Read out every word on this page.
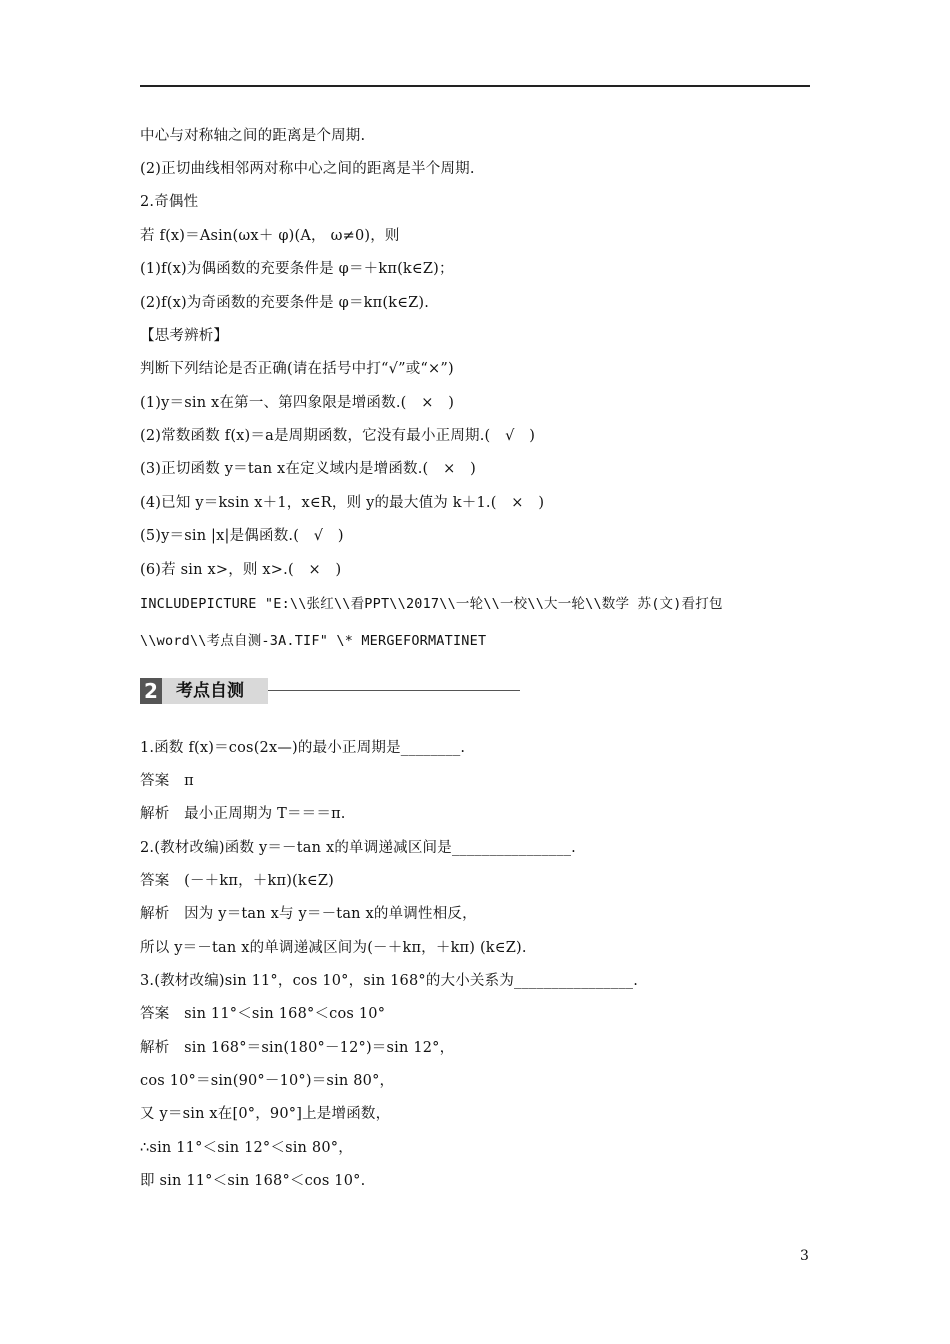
中心与对称轴之间的距离是个周期.
(2)正切曲线相邻两对称中心之间的距离是半个周期.
2.奇偶性
若 f(x)＝Asin(ωx＋ φ)(A， ω≠0)，则
(1)f(x)为偶函数的充要条件是 φ＝＋kπ(k∈Z)；
(2)f(x)为奇函数的充要条件是 φ＝kπ(k∈Z).
【思考辨析】
判断下列结论是否正确(请在括号中打“√”或“×”)
(1)y＝sin x在第一、第四象限是增函数.(　×　)
(2)常数函数 f(x)＝a是周期函数，它没有最小正周期.(　√　)
(3)正切函数 y＝tan x在定义域内是增函数.(　×　)
(4)已知 y＝ksin x＋1，x∈R，则 y的最大值为 k＋1.(　×　)
(5)y＝sin |x|是偶函数.(　√　)
(6)若 sin x>，则 x>.(　×　)
INCLUDEPICTURE "E:\\张红\\看PPT\\2017\\一轮\\一校\\大一轮\\数学 苏(文)看打包
\\word\\考点自测-3A.TIF" \* MERGEFORMATINET
2	考点自测
1.函数 f(x)＝cos(2x—)的最小正周期是________.
答案　π
解析　最小正周期为 T＝＝＝π.
2.(教材改编)函数 y＝－tan x的单调递减区间是________________.
答案　(－＋kπ，＋kπ)(k∈Z)
解析　因为 y＝tan x与 y＝－tan x的单调性相反，
所以 y＝－tan x的单调递减区间为(－＋kπ，＋kπ) (k∈Z).
3.(教材改编)sin 11°，cos 10°，sin 168°的大小关系为________________.
答案　sin 11°＜sin 168°＜cos 10°
解析　sin 168°＝sin(180°－12°)＝sin 12°，
cos 10°＝sin(90°－10°)＝sin 80°，
又 y＝sin x在[0°，90°]上是增函数，
∴sin 11°＜sin 12°＜sin 80°，
即 sin 11°＜sin 168°＜cos 10°.
3
